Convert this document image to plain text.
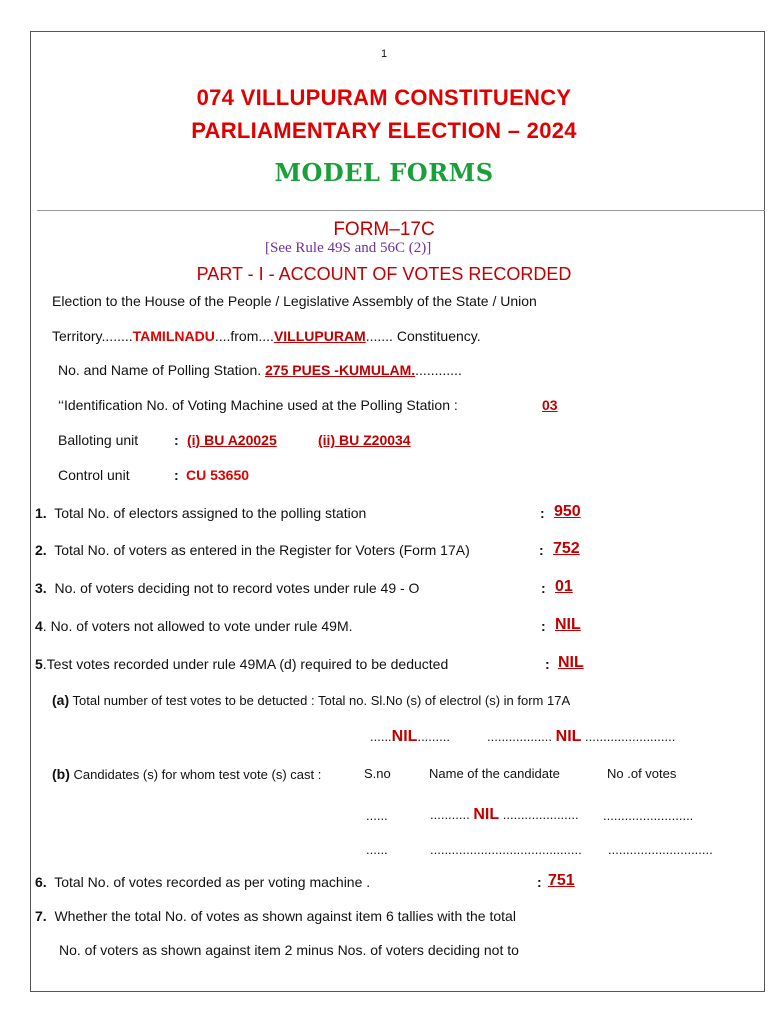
1
074 VILLUPURAM CONSTITUENCY
PARLIAMENTARY ELECTION – 2024
MODEL FORMS
FORM–17C
[See Rule 49S and 56C (2)]
PART - I - ACCOUNT OF VOTES RECORDED
Election to the House of the People / Legislative Assembly of the State / Union
Territory........TAMILNADU....from....VILLUPURAM....... Constituency.
No. and Name of Polling Station. 275 PUES -KUMULAM.............
‘‘Identification No. of Voting Machine used at the Polling Station :	03
Balloting unit	: (i) BU A20025	(ii) BU Z20034
Control unit	: CU 53650
1. Total No. of electors assigned to the polling station	: 950
2. Total No. of voters as entered in the Register for Voters (Form 17A)	: 752
3. No. of voters deciding not to record votes under rule 49 - O	: 01
4. No. of voters not allowed to vote under rule 49M.	: NIL
5.Test votes recorded under rule 49MA (d) required to be deducted	: NIL
(a) Total number of test votes to be detucted : Total no. Sl.No (s) of electrol (s) in form 17A
......NIL.........	.................. NIL .........................
(b) Candidates (s) for whom test vote (s) cast :	S.no	Name of the candidate	No .of votes
......	........... NIL ..................... .........................
......	.......................................... .............................
6. Total No. of votes recorded as per voting machine .	: 751
7. Whether the total No. of votes as shown against item 6 tallies with the total
No. of voters as shown against item 2 minus Nos. of voters deciding not to
